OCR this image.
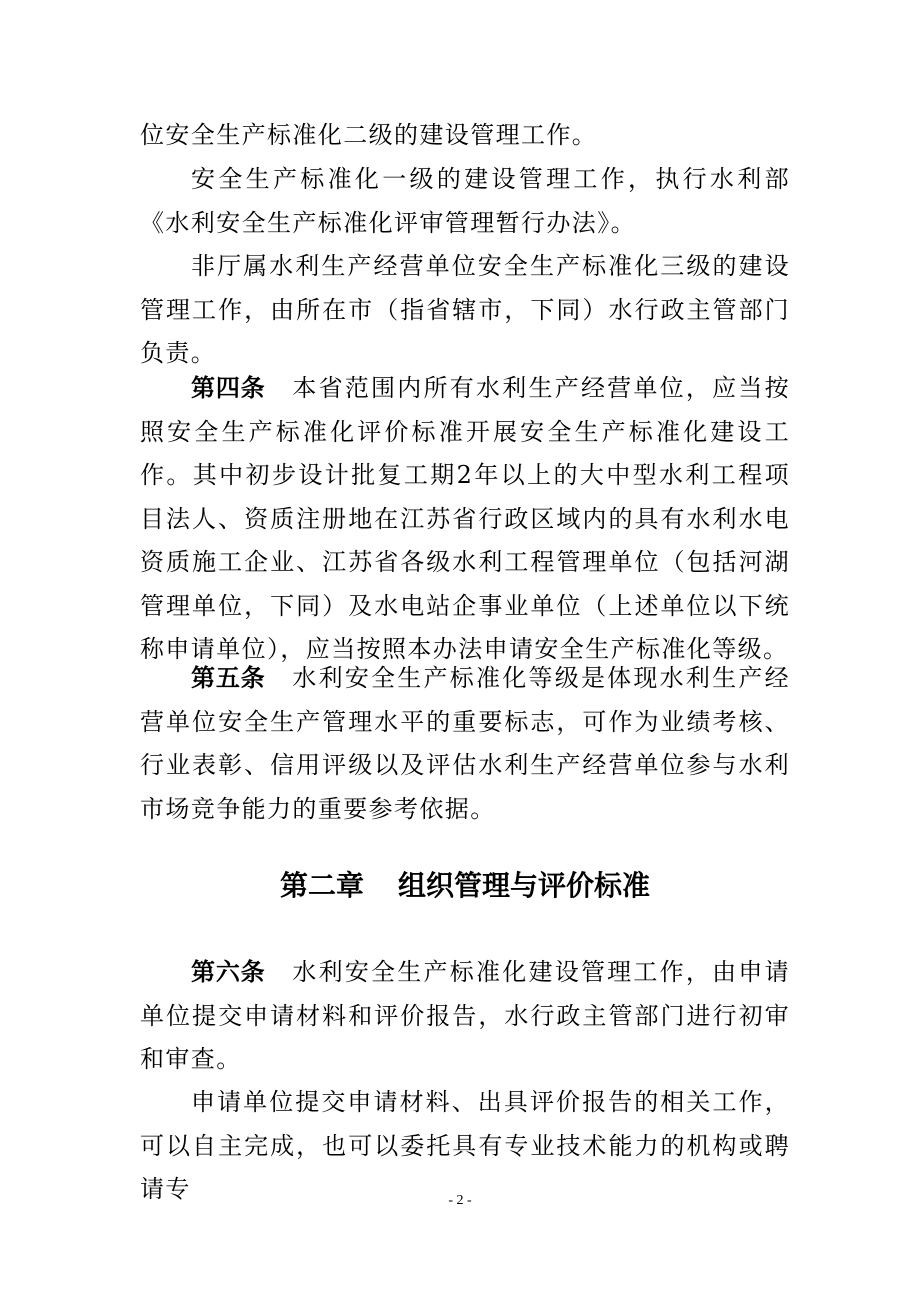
位安全生产标准化二级的建设管理工作。

安全生产标准化一级的建设管理工作，执行水利部《水利安全生产标准化评审管理暂行办法》。

非厅属水利生产经营单位安全生产标准化三级的建设管理工作，由所在市（指省辖市，下同）水行政主管部门负责。

第四条 本省范围内所有水利生产经营单位，应当按照安全生产标准化评价标准开展安全生产标准化建设工作。其中初步设计批复工期2年以上的大中型水利工程项目法人、资质注册地在江苏省行政区域内的具有水利水电资质施工企业、江苏省各级水利工程管理单位（包括河湖管理单位，下同）及水电站企事业单位（上述单位以下统称申请单位），应当按照本办法申请安全生产标准化等级。

第五条 水利安全生产标准化等级是体现水利生产经营单位安全生产管理水平的重要标志，可作为业绩考核、行业表彰、信用评级以及评估水利生产经营单位参与水利市场竞争能力的重要参考依据。

第二章 组织管理与评价标准

第六条 水利安全生产标准化建设管理工作，由申请单位提交申请材料和评价报告，水行政主管部门进行初审和审查。

申请单位提交申请材料、出具评价报告的相关工作，可以自主完成，也可以委托具有专业技术能力的机构或聘请专	- 2 -
